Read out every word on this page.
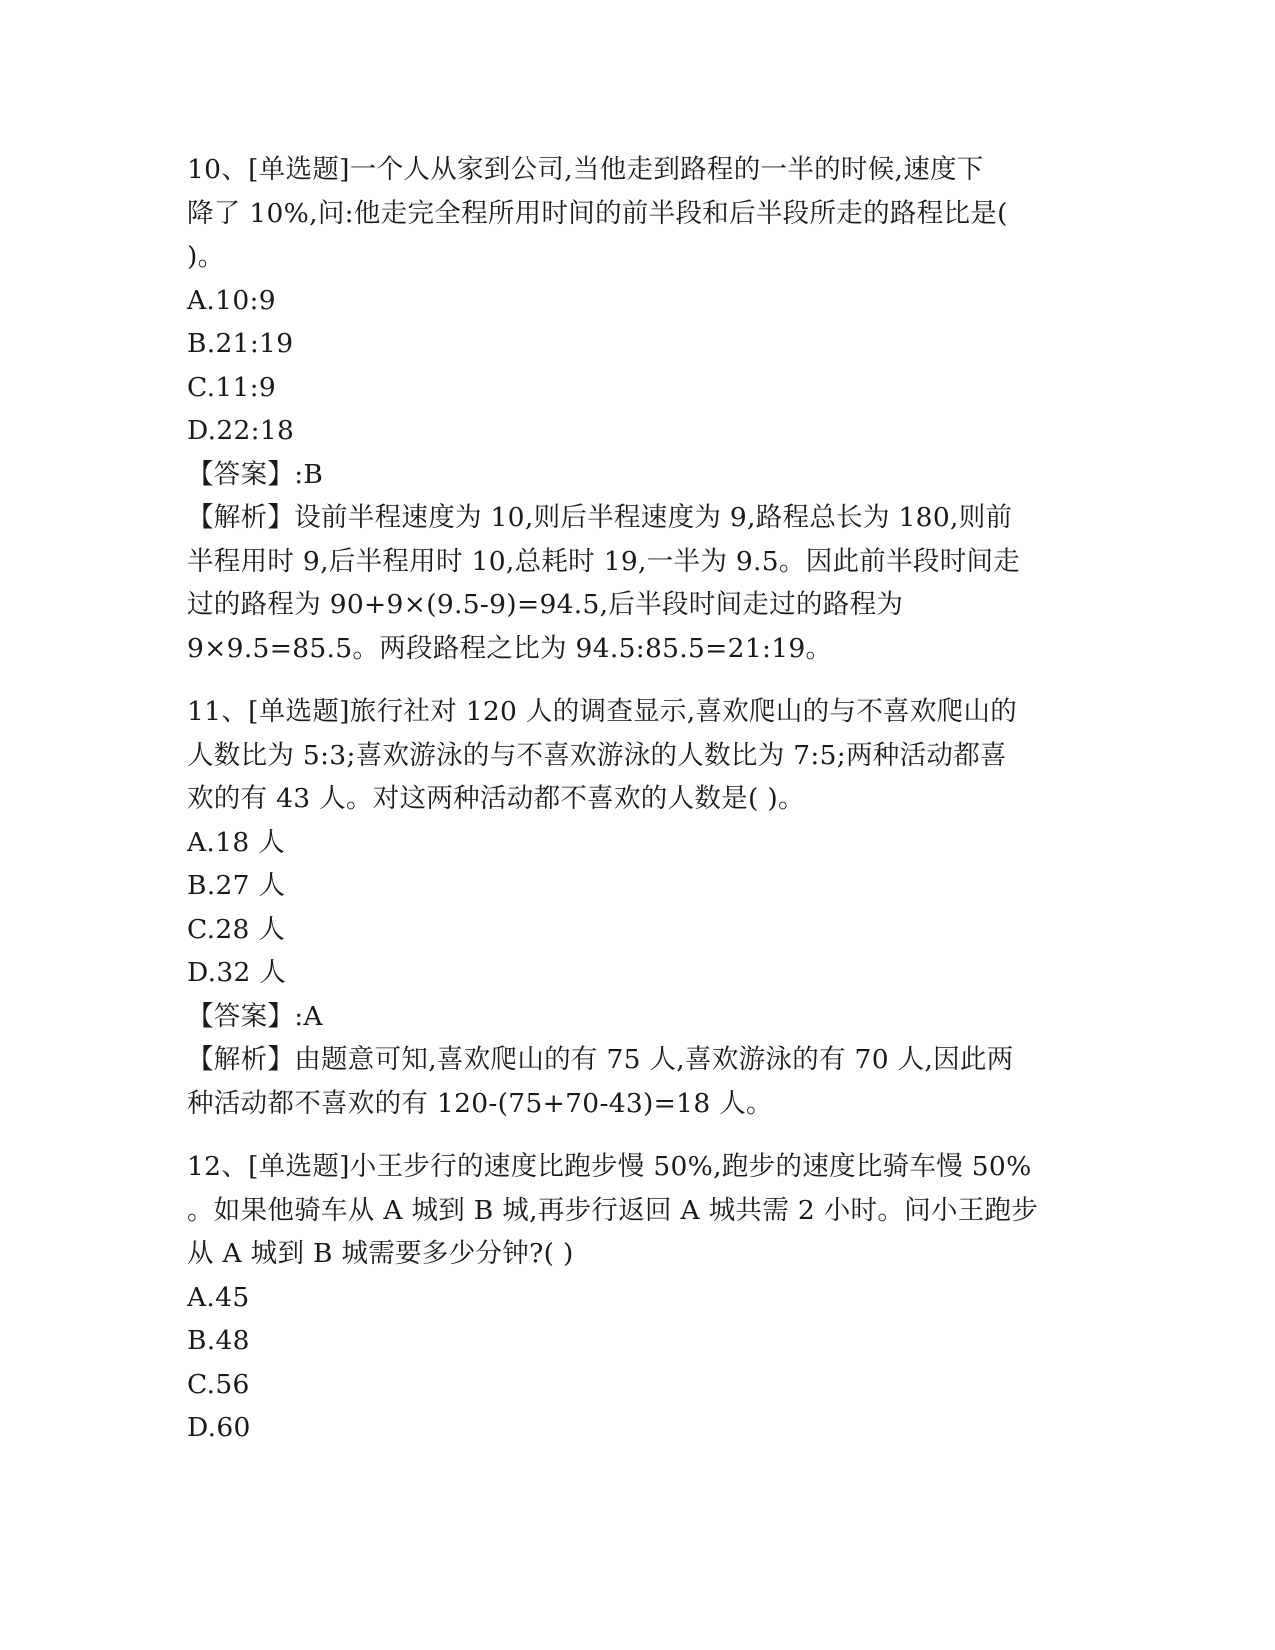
10、[单选题]一个人从家到公司,当他走到路程的一半的时候,速度下
降了 10%,问:他走完全程所用时间的前半段和后半段所走的路程比是(
)。
A.10:9
B.21:19
C.11:9
D.22:18
【答案】:B
【解析】设前半程速度为 10,则后半程速度为 9,路程总长为 180,则前
半程用时 9,后半程用时 10,总耗时 19,一半为 9.5。因此前半段时间走
过的路程为 90+9×(9.5-9)=94.5,后半段时间走过的路程为
9×9.5=85.5。两段路程之比为 94.5:85.5=21:19。
11、[单选题]旅行社对 120 人的调查显示,喜欢爬山的与不喜欢爬山的
人数比为 5:3;喜欢游泳的与不喜欢游泳的人数比为 7:5;两种活动都喜
欢的有 43 人。对这两种活动都不喜欢的人数是( )。
A.18 人
B.27 人
C.28 人
D.32 人
【答案】:A
【解析】由题意可知,喜欢爬山的有 75 人,喜欢游泳的有 70 人,因此两
种活动都不喜欢的有 120-(75+70-43)=18 人。
12、[单选题]小王步行的速度比跑步慢 50%,跑步的速度比骑车慢 50%
。如果他骑车从 A 城到 B 城,再步行返回 A 城共需 2 小时。问小王跑步
从 A 城到 B 城需要多少分钟?( )
A.45
B.48
C.56
D.60
